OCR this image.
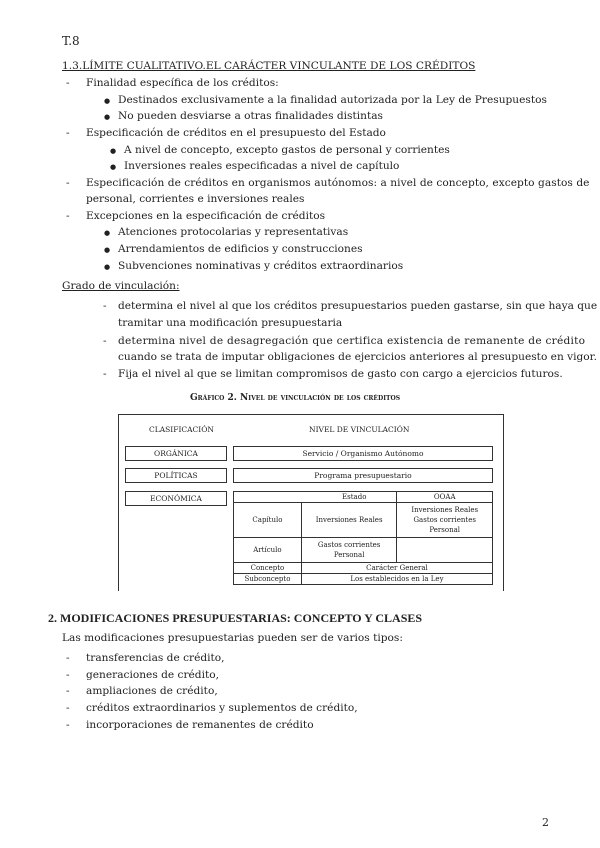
T.8
1.3.LÍMITE CUALITATIVO.EL CARÁCTER VINCULANTE DE LOS CRÉDITOS
- Finalidad específica de los créditos:
● Destinados exclusivamente a la finalidad autorizada por la Ley de Presupuestos
● No pueden desviarse a otras finalidades distintas
- Especificación de créditos en el presupuesto del Estado
● A nivel de concepto, excepto gastos de personal y corrientes
● Inversiones reales especificadas a nivel de capítulo
- Especificación de créditos en organismos autónomos: a nivel de concepto, excepto gastos de
personal, corrientes e inversiones reales
- Excepciones en la especificación de créditos
● Atenciones protocolarias y representativas
● Arrendamientos de edificios y construcciones
● Subvenciones nominativas y créditos extraordinarios
Grado de vinculación:
- determina el nivel al que los créditos presupuestarios pueden gastarse, sin que haya que
tramitar una modificación presupuestaria
- determina nivel de desagregación que certifica existencia de remanente de crédito
cuando se trata de imputar obligaciones de ejercicios anteriores al presupuesto en vigor.
- Fija el nivel al que se limitan compromisos de gasto con cargo a ejercicios futuros.
Gráfico 2. Nivel de vinculación de los créditos
CLASIFICACIÓN	NIVEL DE VINCULACIÓN
ORGÁNICA	Servicio / Organismo Autónomo
POLÍTICAS	Programa presupuestario
ECONÓMICA	Estado		OOAA
Capítulo	Inversiones Reales	Inversiones Reales
Gastos corrientes
Personal

Artículo	Gastos corrientes
Personal	

Concepto	Carácter General	
Subconcepto	Los establecidos en la Ley	
2. MODIFICACIONES PRESUPUESTARIAS: CONCEPTO Y CLASES
Las modificaciones presupuestarias pueden ser de varios tipos:
- transferencias de crédito,
- generaciones de crédito,
- ampliaciones de crédito,
- créditos extraordinarios y suplementos de crédito,
- incorporaciones de remanentes de crédito
2
